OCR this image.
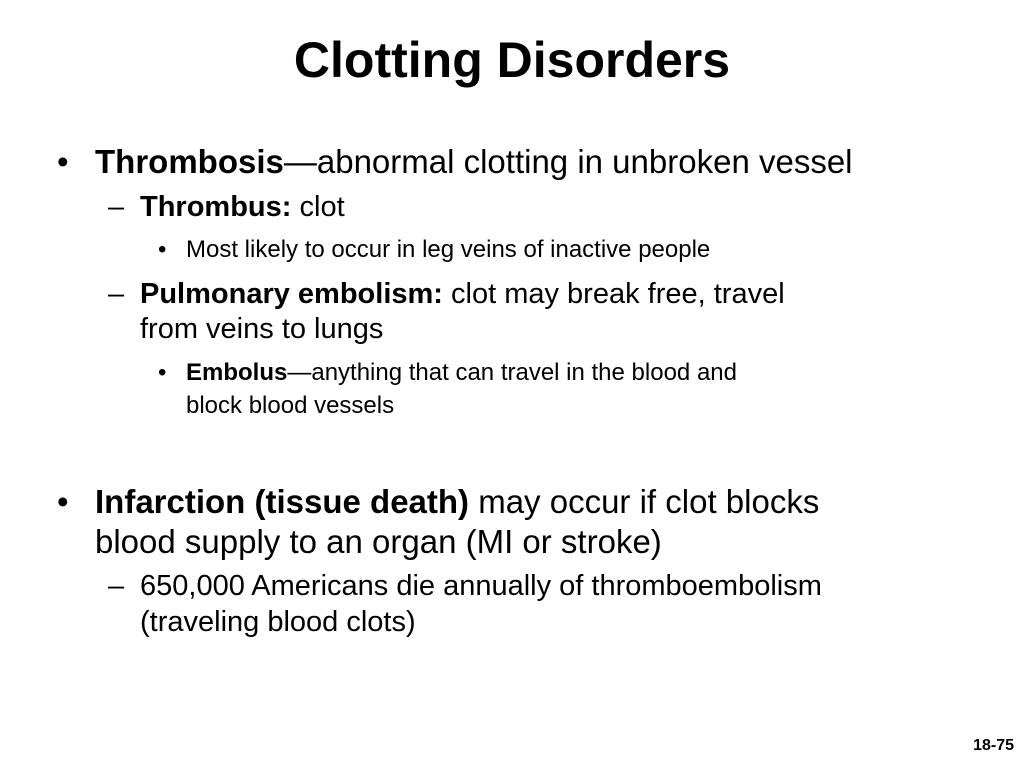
Clotting Disorders
• Thrombosis—abnormal clotting in unbroken vessel
– Thrombus: clot
• Most likely to occur in leg veins of inactive people
– Pulmonary embolism: clot may break free, travel
from veins to lungs
• Embolus—anything that can travel in the blood and
block blood vessels
• Infarction (tissue death) may occur if clot blocks
blood supply to an organ (MI or stroke)
– 650,000 Americans die annually of thromboembolism
(traveling blood clots)
18-75
